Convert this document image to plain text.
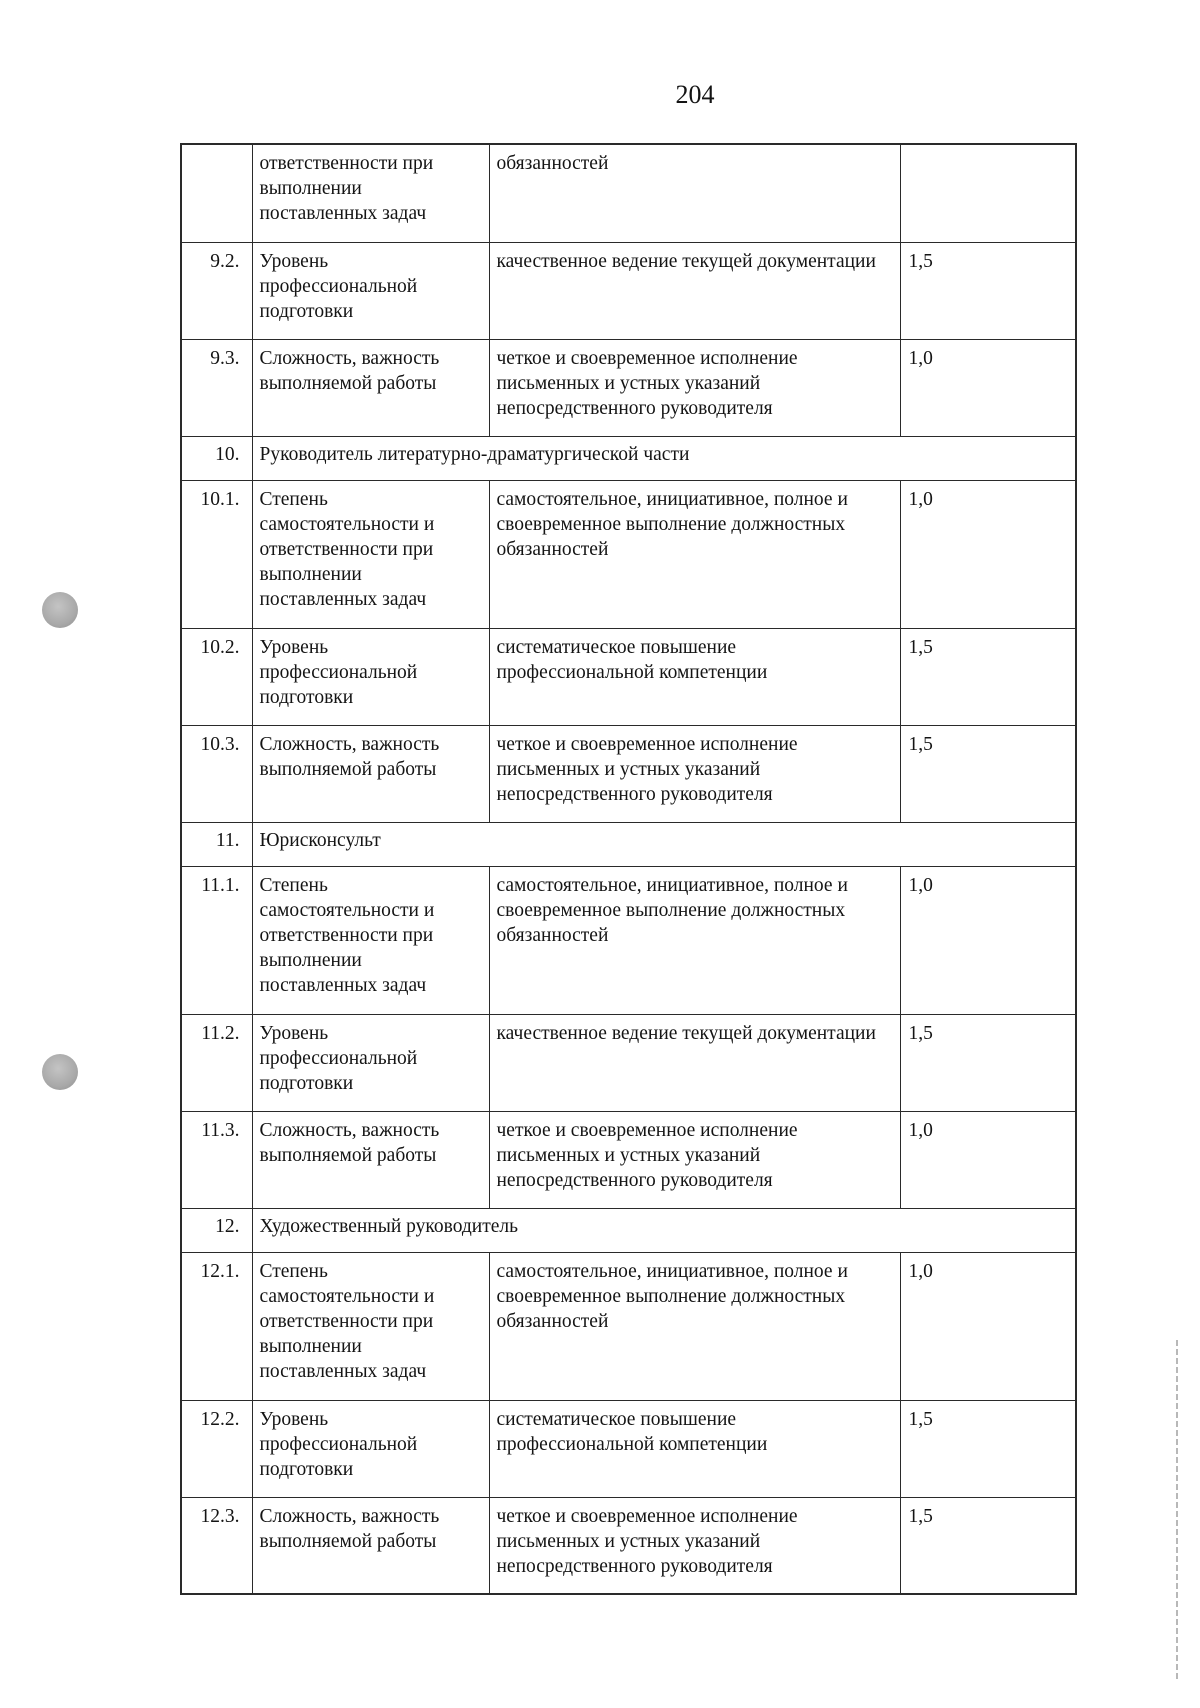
204
	ответственности при выполнении поставленных задач	обязанностей	
9.2.	Уровень профессиональной подготовки	качественное ведение текущей документации	1,5
9.3.	Сложность, важность выполняемой работы	четкое и своевременное исполнение письменных и устных указаний непосредственного руководителя	1,0
10.	Руководитель литературно-драматургической части		
10.1.	Степень самостоятельности и ответственности при выполнении поставленных задач	самостоятельное, инициативное, полное и своевременное выполнение должностных обязанностей	1,0
10.2.	Уровень профессиональной подготовки	систематическое повышение профессиональной компетенции	1,5
10.3.	Сложность, важность выполняемой работы	четкое и своевременное исполнение письменных и устных указаний непосредственного руководителя	1,5
11.	Юрисконсульт		
11.1.	Степень самостоятельности и ответственности при выполнении поставленных задач	самостоятельное, инициативное, полное и своевременное выполнение должностных обязанностей	1,0
11.2.	Уровень профессиональной подготовки	качественное ведение текущей документации	1,5
11.3.	Сложность, важность выполняемой работы	четкое и своевременное исполнение письменных и устных указаний непосредственного руководителя	1,0
12.	Художественный руководитель		
12.1.	Степень самостоятельности и ответственности при выполнении поставленных задач	самостоятельное, инициативное, полное и своевременное выполнение должностных обязанностей	1,0
12.2.	Уровень профессиональной подготовки	систематическое повышение профессиональной компетенции	1,5
12.3.	Сложность, важность выполняемой работы	четкое и своевременное исполнение письменных и устных указаний непосредственного руководителя	1,5
